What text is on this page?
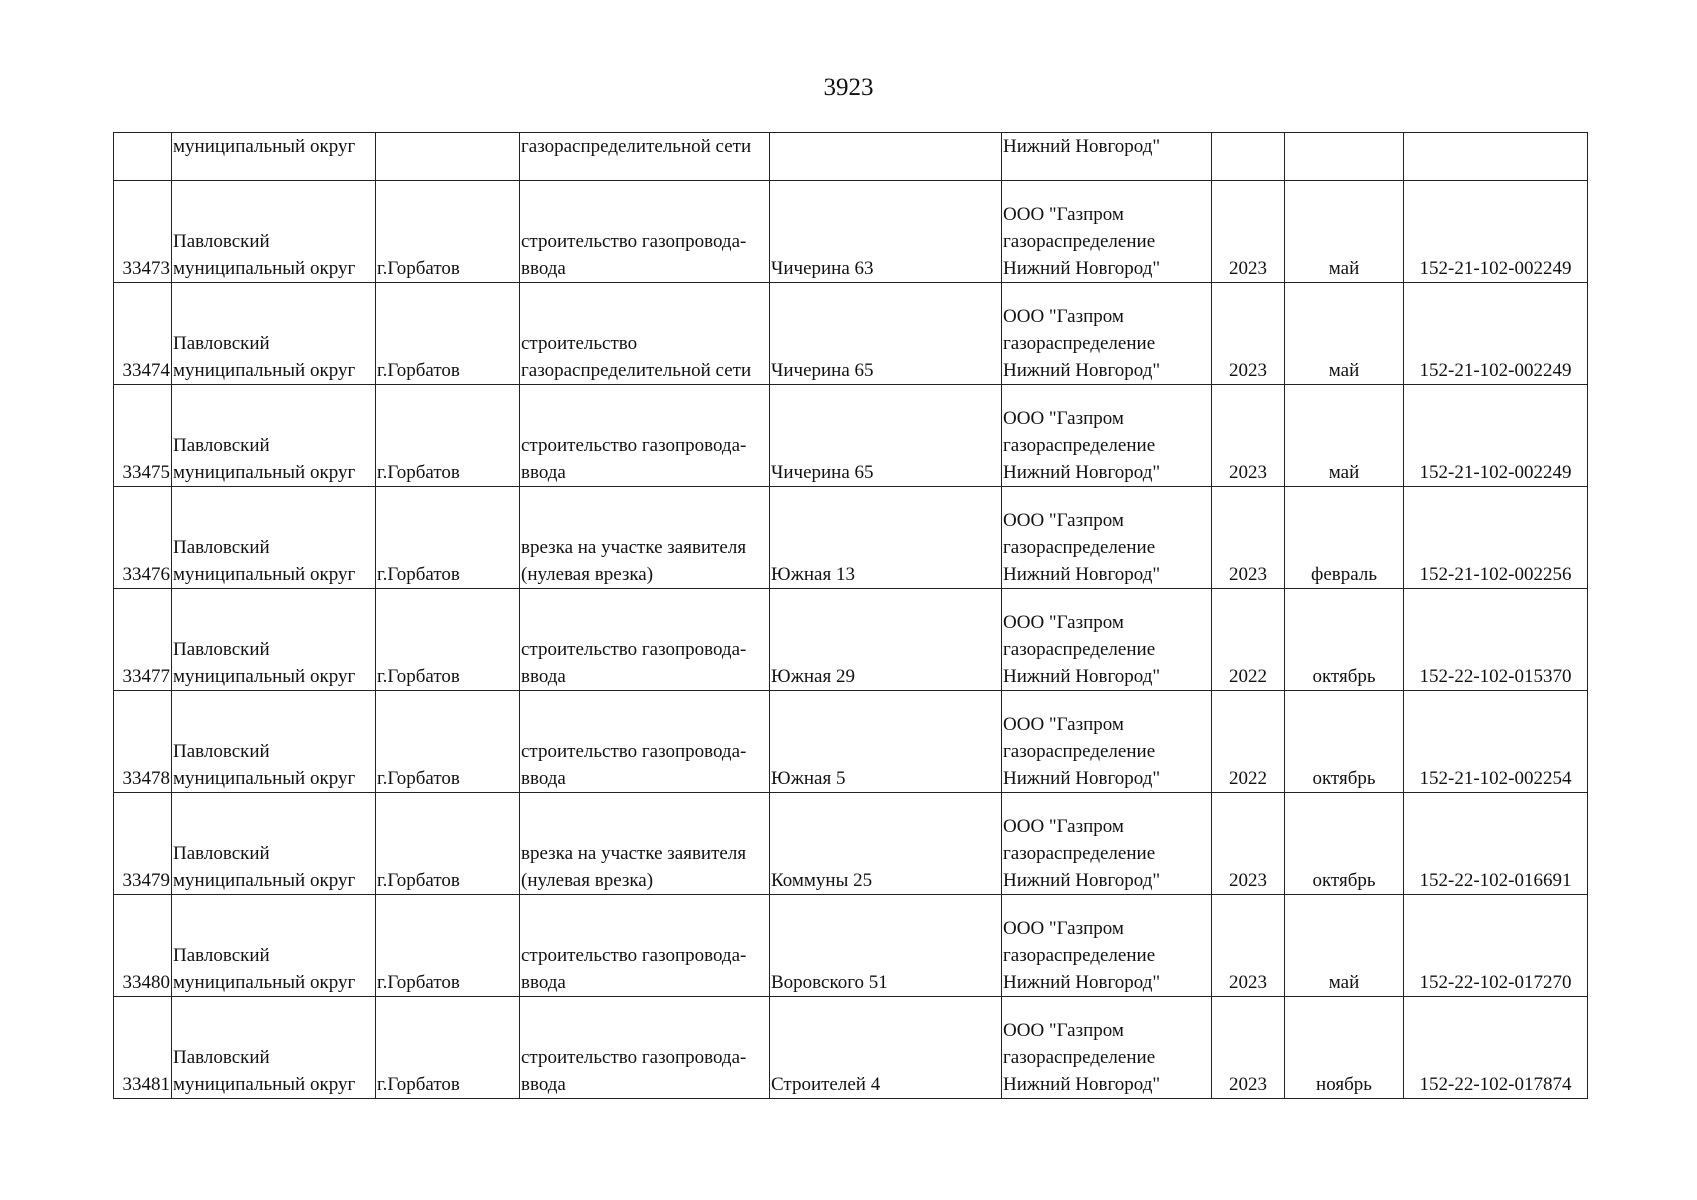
3923
	муниципальный округ		газораспределительной сети		Нижний Новгород"			

33473	Павловский
муниципальный округ	г.Горбатов	строительство газопровода-
ввода	Чичерина 63	ООО "Газпром
газораспределение
Нижний Новгород"	2023	май	152-21-102-002249

33474	Павловский
муниципальный округ	г.Горбатов	строительство
газораспределительной сети	Чичерина 65	ООО "Газпром
газораспределение
Нижний Новгород"	2023	май	152-21-102-002249

33475	Павловский
муниципальный округ	г.Горбатов	строительство газопровода-
ввода	Чичерина 65	ООО "Газпром
газораспределение
Нижний Новгород"	2023	май	152-21-102-002249

33476	Павловский
муниципальный округ	г.Горбатов	врезка на участке заявителя
(нулевая врезка)	Южная 13	ООО "Газпром
газораспределение
Нижний Новгород"	2023	февраль	152-21-102-002256

33477	Павловский
муниципальный округ	г.Горбатов	строительство газопровода-
ввода	Южная 29	ООО "Газпром
газораспределение
Нижний Новгород"	2022	октябрь	152-22-102-015370

33478	Павловский
муниципальный округ	г.Горбатов	строительство газопровода-
ввода	Южная 5	ООО "Газпром
газораспределение
Нижний Новгород"	2022	октябрь	152-21-102-002254

33479	Павловский
муниципальный округ	г.Горбатов	врезка на участке заявителя
(нулевая врезка)	Коммуны 25	ООО "Газпром
газораспределение
Нижний Новгород"	2023	октябрь	152-22-102-016691

33480	Павловский
муниципальный округ	г.Горбатов	строительство газопровода-
ввода	Воровского 51	ООО "Газпром
газораспределение
Нижний Новгород"	2023	май	152-22-102-017270

33481	Павловский
муниципальный округ	г.Горбатов	строительство газопровода-
ввода	Строителей 4	ООО "Газпром
газораспределение
Нижний Новгород"	2023	ноябрь	152-22-102-017874
